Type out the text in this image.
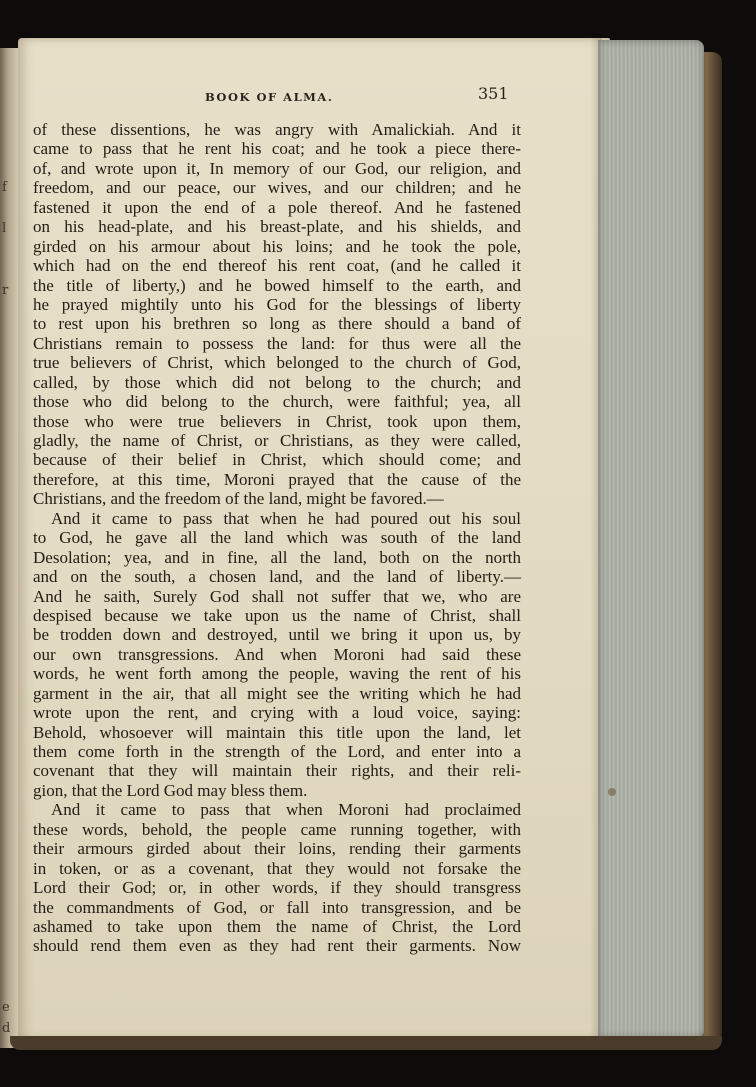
f
l
r
e
d
BOOK OF ALMA.	351
of these dissentions, he was angry with Amalickiah. And it
came to pass that he rent his coat; and he took a piece there-
of, and wrote upon it, In memory of our God, our religion, and
freedom, and our peace, our wives, and our children; and he
fastened it upon the end of a pole thereof. And he fastened
on his head-plate, and his breast-plate, and his shields, and
girded on his armour about his loins; and he took the pole,
which had on the end thereof his rent coat, (and he called it
the title of liberty,) and he bowed himself to the earth, and
he prayed mightily unto his God for the blessings of liberty
to rest upon his brethren so long as there should a band of
Christians remain to possess the land: for thus were all the
true believers of Christ, which belonged to the church of God,
called, by those which did not belong to the church; and
those who did belong to the church, were faithful; yea, all
those who were true believers in Christ, took upon them,
gladly, the name of Christ, or Christians, as they were called,
because of their belief in Christ, which should come; and
therefore, at this time, Moroni prayed that the cause of the
Christians, and the freedom of the land, might be favored.—
And it came to pass that when he had poured out his soul
to God, he gave all the land which was south of the land
Desolation; yea, and in fine, all the land, both on the north
and on the south, a chosen land, and the land of liberty.—
And he saith, Surely God shall not suffer that we, who are
despised because we take upon us the name of Christ, shall
be trodden down and destroyed, until we bring it upon us, by
our own transgressions. And when Moroni had said these
words, he went forth among the people, waving the rent of his
garment in the air, that all might see the writing which he had
wrote upon the rent, and crying with a loud voice, saying:
Behold, whosoever will maintain this title upon the land, let
them come forth in the strength of the Lord, and enter into a
covenant that they will maintain their rights, and their reli-
gion, that the Lord God may bless them.
And it came to pass that when Moroni had proclaimed
these words, behold, the people came running together, with
their armours girded about their loins, rending their garments
in token, or as a covenant, that they would not forsake the
Lord their God; or, in other words, if they should transgress
the commandments of God, or fall into transgression, and be
ashamed to take upon them the name of Christ, the Lord
should rend them even as they had rent their garments. Now
